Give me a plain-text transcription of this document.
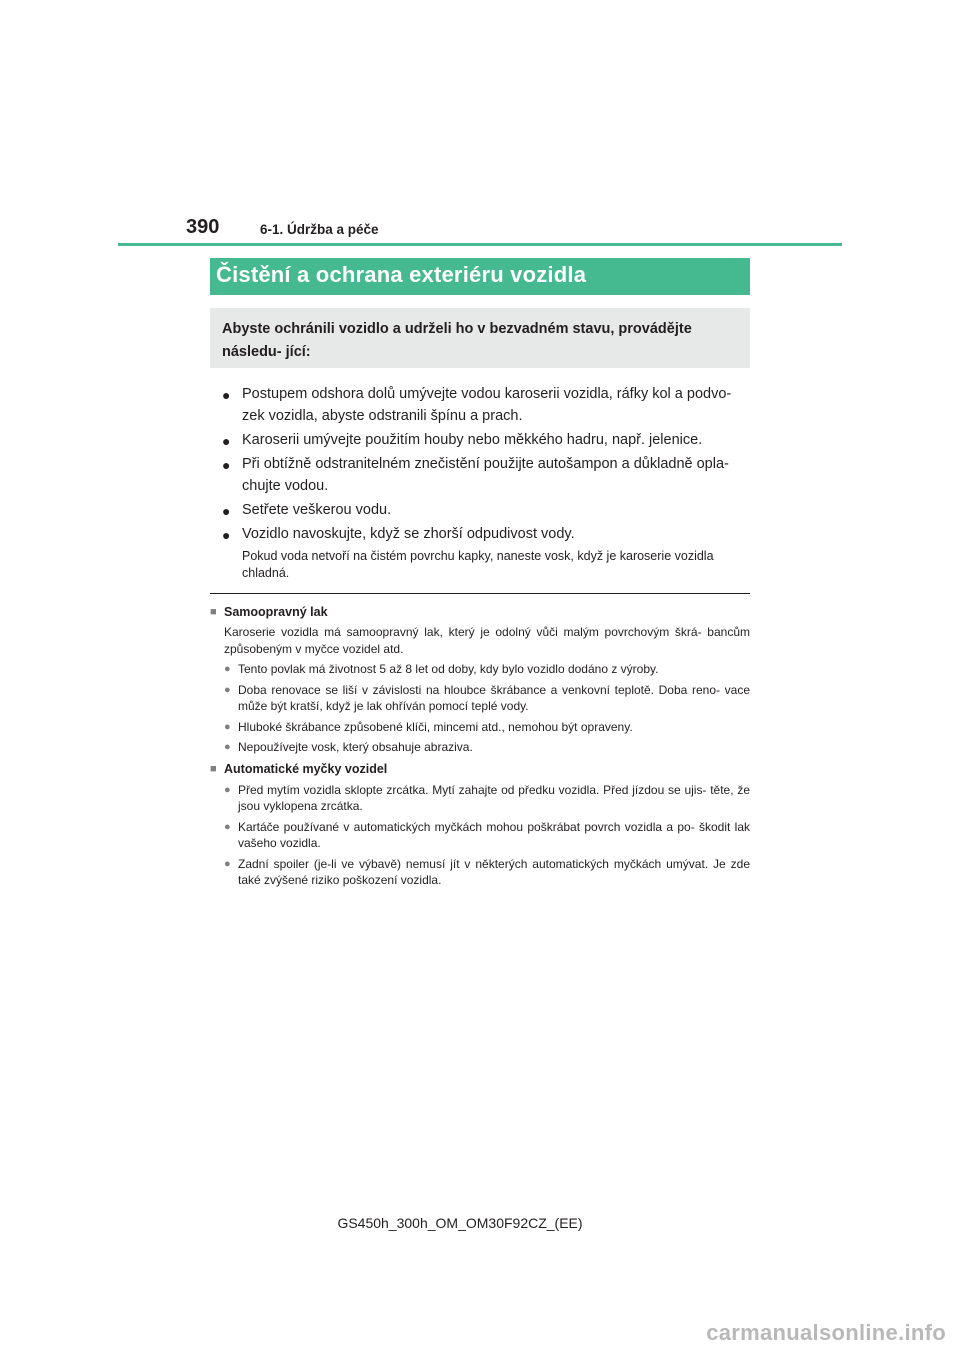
390	6-1. Údržba a péče
Čistění a ochrana exteriéru vozidla
Abyste ochránili vozidlo a udrželi ho v bezvadném stavu, provádějte následu- jící:
● Postupem odshora dolů umývejte vodou karoserii vozidla, ráfky kol a podvo- zek vozidla, abyste odstranili špínu a prach.
● Karoserii umývejte použitím houby nebo měkkého hadru, např. jelenice.
● Při obtížně odstranitelném znečistění použijte autošampon a důkladně opla- chujte vodou.
● Setřete veškerou vodu.
● Vozidlo navoskujte, když se zhorší odpudivost vody.
Pokud voda netvoří na čistém povrchu kapky, naneste vosk, když je karoserie vozidla chladná.
■ Samoopravný lak
Karoserie vozidla má samoopravný lak, který je odolný vůči malým povrchovým škrá- bancům způsobeným v myčce vozidel atd.
● Tento povlak má životnost 5 až 8 let od doby, kdy bylo vozidlo dodáno z výroby.
● Doba renovace se liší v závislosti na hloubce škrábance a venkovní teplotě. Doba reno- vace může být kratší, když je lak ohříván pomocí teplé vody.
● Hluboké škrábance způsobené klíči, mincemi atd., nemohou být opraveny.
● Nepoužívejte vosk, který obsahuje abraziva.
■ Automatické myčky vozidel
● Před mytím vozidla sklopte zrcátka. Mytí zahajte od předku vozidla. Před jízdou se ujis- těte, že jsou vyklopena zrcátka.
● Kartáče používané v automatických myčkách mohou poškrábat povrch vozidla a po- škodit lak vašeho vozidla.
● Zadní spoiler (je-li ve výbavě) nemusí jít v některých automatických myčkách umývat. Je zde také zvýšené riziko poškození vozidla.
GS450h_300h_OM_OM30F92CZ_(EE)
carmanualsonline.info
